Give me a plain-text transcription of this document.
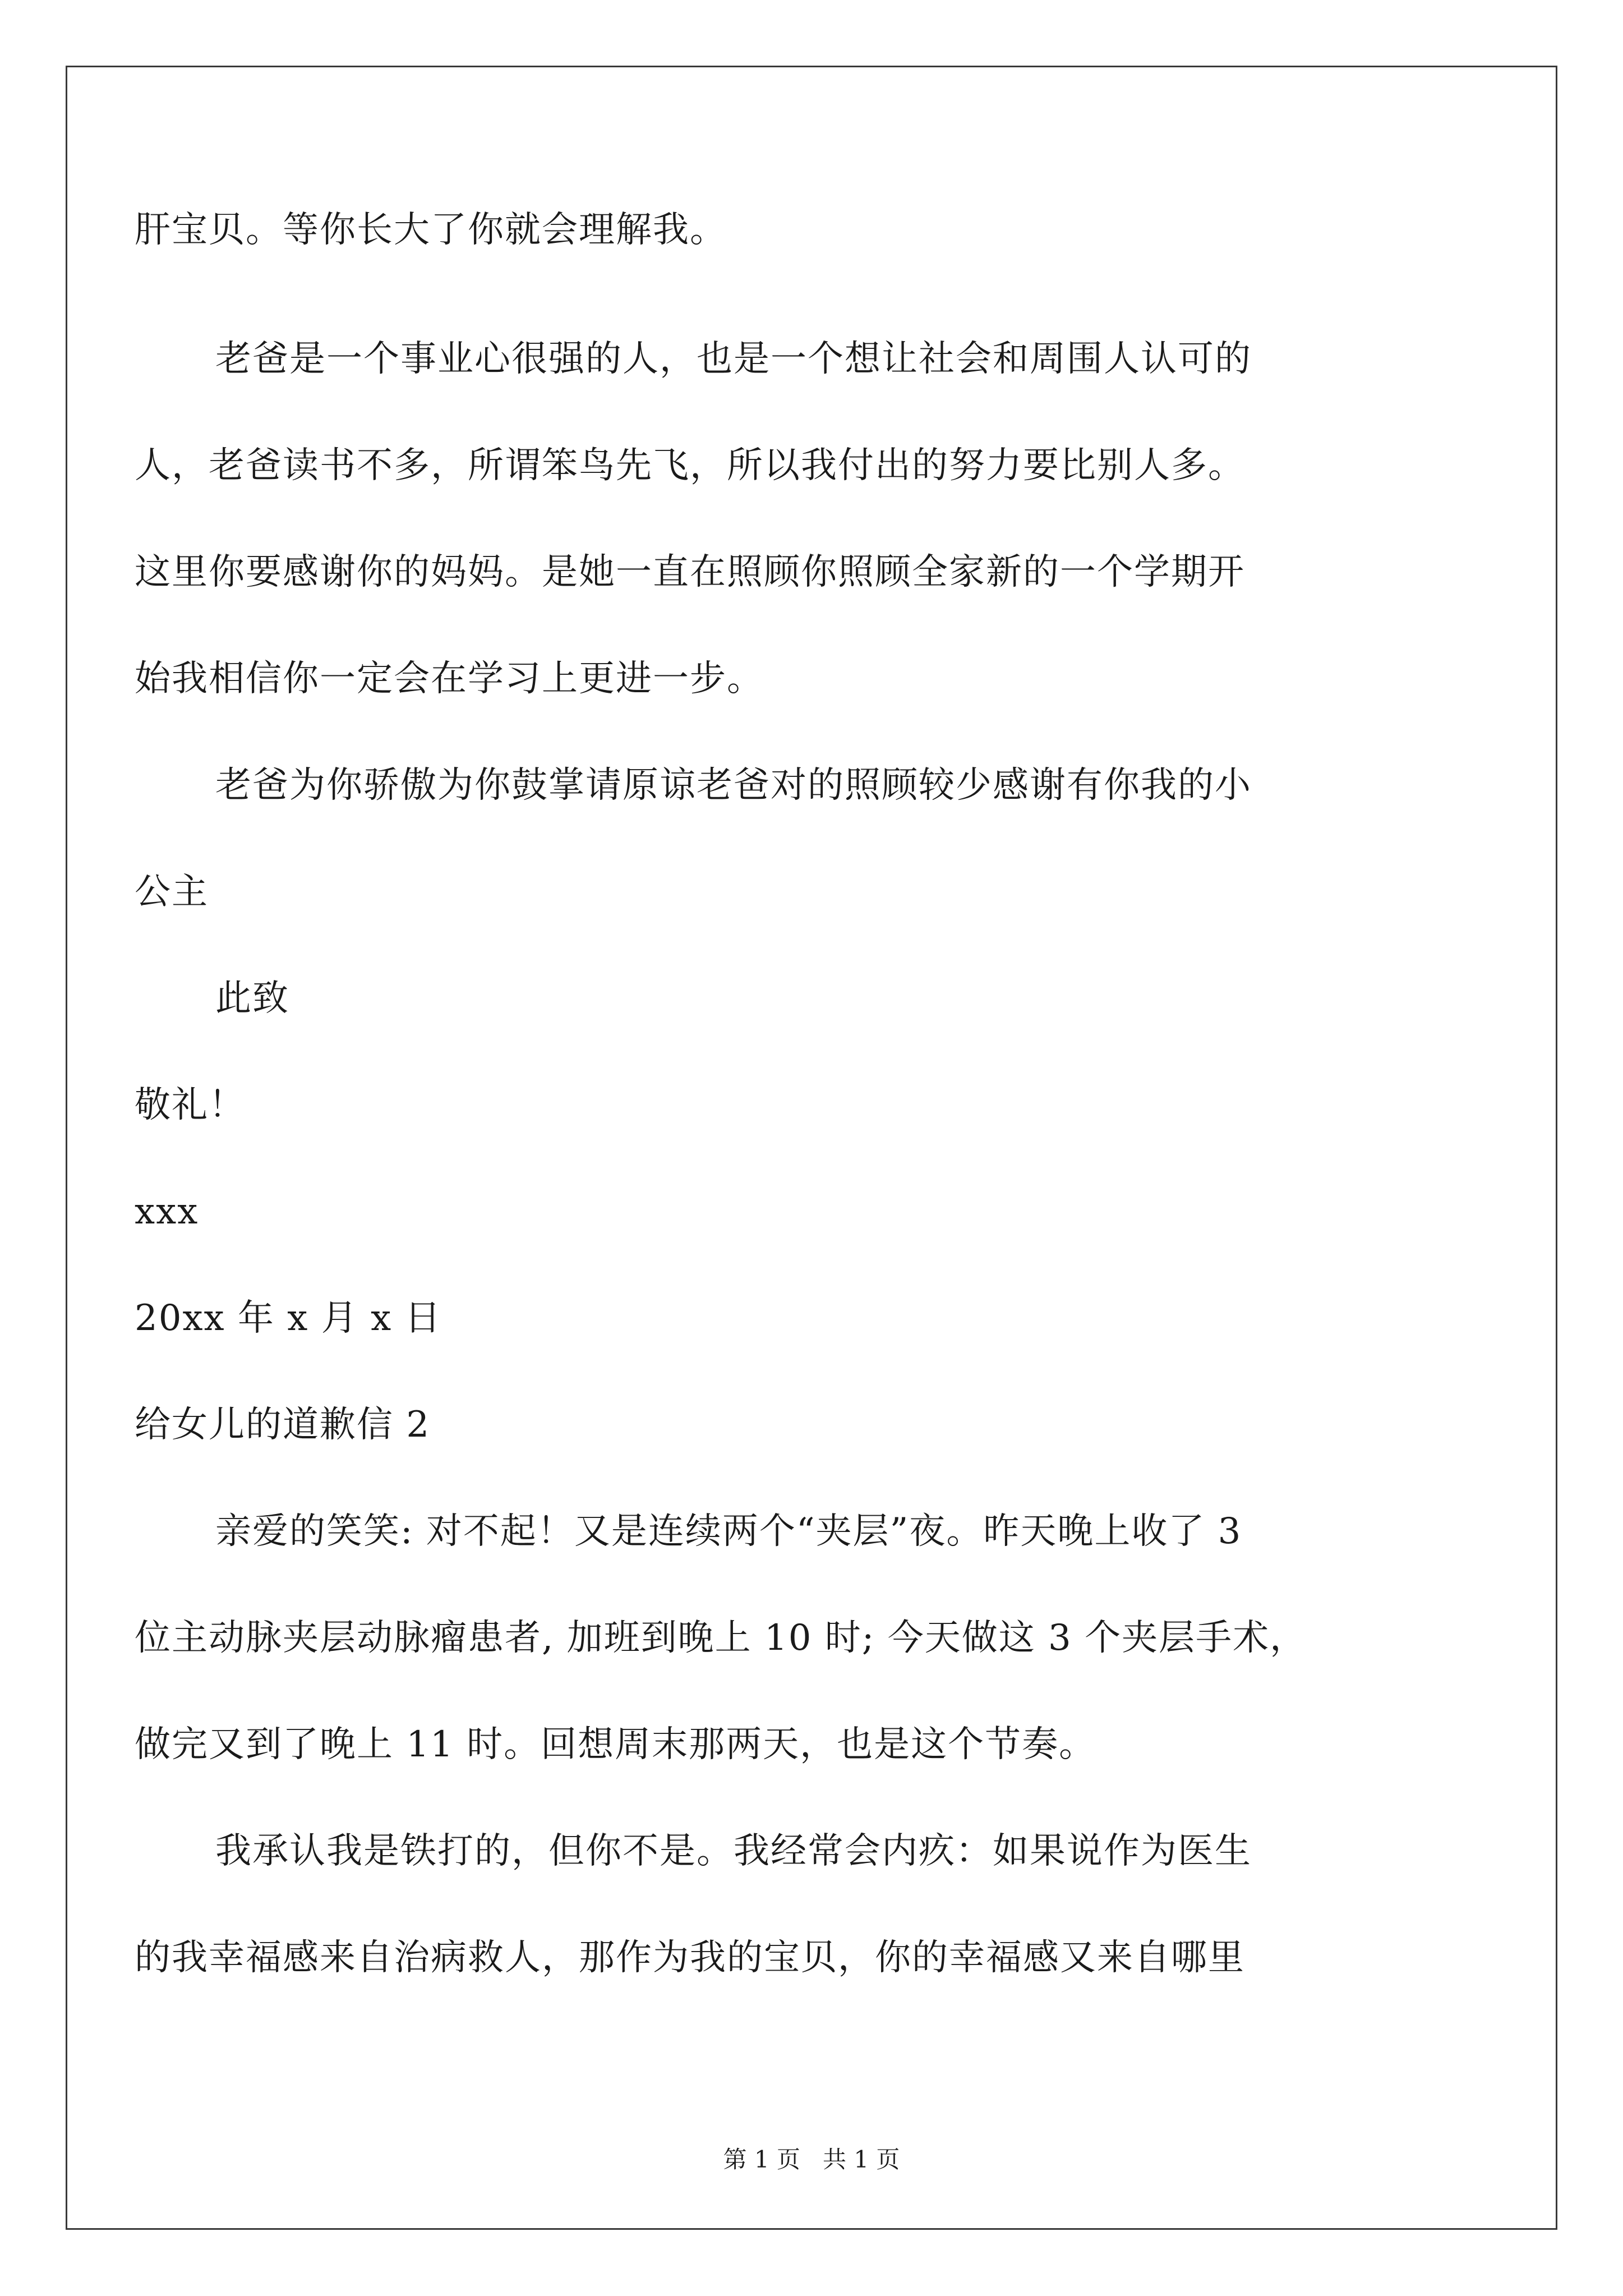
肝宝贝。等你长大了你就会理解我。
老爸是一个事业心很强的人，也是一个想让社会和周围人认可的
人，老爸读书不多，所谓笨鸟先飞，所以我付出的努力要比别人多。
这里你要感谢你的妈妈。是她一直在照顾你照顾全家新的一个学期开
始我相信你一定会在学习上更进一步。
老爸为你骄傲为你鼓掌请原谅老爸对的照顾较少感谢有你我的小
公主
此致
敬礼！
xxx
20xx 年 x 月 x 日
给女儿的道歉信 2
亲爱的笑笑: 对不起！又是连续两个“夹层”夜。昨天晚上收了 3
位主动脉夹层动脉瘤患者, 加班到晚上 10 时; 今天做这 3 个夹层手术，
做完又到了晚上 11 时。回想周末那两天，也是这个节奏。
我承认我是铁打的，但你不是。我经常会内疚：如果说作为医生
的我幸福感来自治病救人，那作为我的宝贝，你的幸福感又来自哪里
第 1 页 共 1 页
